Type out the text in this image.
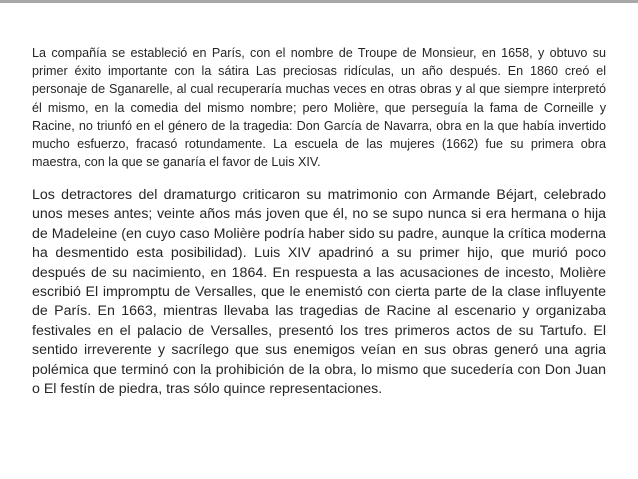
La compañía se estableció en París, con el nombre de Troupe de Monsieur, en 1658, y obtuvo su primer éxito importante con la sátira Las preciosas ridículas, un año después. En 1860 creó el personaje de Sganarelle, al cual recuperaría muchas veces en otras obras y al que siempre interpretó él mismo, en la comedia del mismo nombre; pero Molière, que perseguía la fama de Corneille y Racine, no triunfó en el género de la tragedia: Don García de Navarra, obra en la que había invertido mucho esfuerzo, fracasó rotundamente. La escuela de las mujeres (1662) fue su primera obra maestra, con la que se ganaría el favor de Luis XIV.

Los detractores del dramaturgo criticaron su matrimonio con Armande Béjart, celebrado unos meses antes; veinte años más joven que él, no se supo nunca si era hermana o hija de Madeleine (en cuyo caso Molière podría haber sido su padre, aunque la crítica moderna ha desmentido esta posibilidad). Luis XIV apadrinó a su primer hijo, que murió poco después de su nacimiento, en 1864. En respuesta a las acusaciones de incesto, Molière escribió El impromptu de Versalles, que le enemistó con cierta parte de la clase influyente de París. En 1663, mientras llevaba las tragedias de Racine al escenario y organizaba festivales en el palacio de Versalles, presentó los tres primeros actos de su Tartufo. El sentido irreverente y sacrílego que sus enemigos veían en sus obras generó una agria polémica que terminó con la prohibición de la obra, lo mismo que sucedería con Don Juan o El festín de piedra, tras sólo quince representaciones.
